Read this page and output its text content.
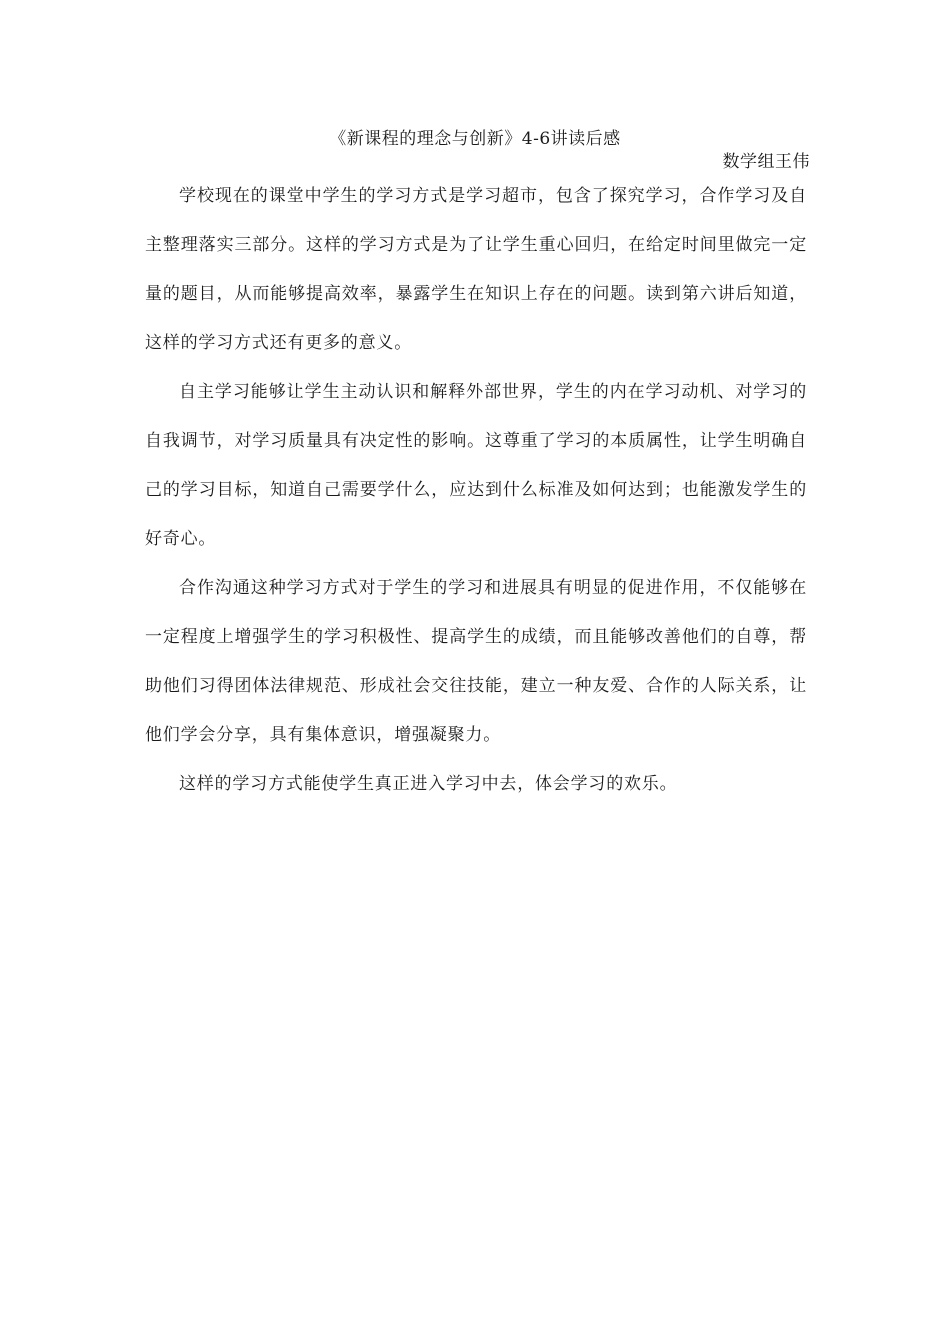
《新课程的理念与创新》4-6讲读后感
数学组王伟

学校现在的课堂中学生的学习方式是学习超市，包含了探究学习，合作学习及自主整理落实三部分。这样的学习方式是为了让学生重心回归，在给定时间里做完一定量的题目，从而能够提高效率，暴露学生在知识上存在的问题。读到第六讲后知道，这样的学习方式还有更多的意义。

自主学习能够让学生主动认识和解释外部世界，学生的内在学习动机、对学习的自我调节，对学习质量具有决定性的影响。这尊重了学习的本质属性，让学生明确自己的学习目标，知道自己需要学什么，应达到什么标准及如何达到；也能激发学生的好奇心。

合作沟通这种学习方式对于学生的学习和进展具有明显的促进作用，不仅能够在一定程度上增强学生的学习积极性、提高学生的成绩，而且能够改善他们的自尊，帮助他们习得团体法律规范、形成社会交往技能，建立一种友爱、合作的人际关系，让他们学会分享，具有集体意识，增强凝聚力。

这样的学习方式能使学生真正进入学习中去，体会学习的欢乐。
